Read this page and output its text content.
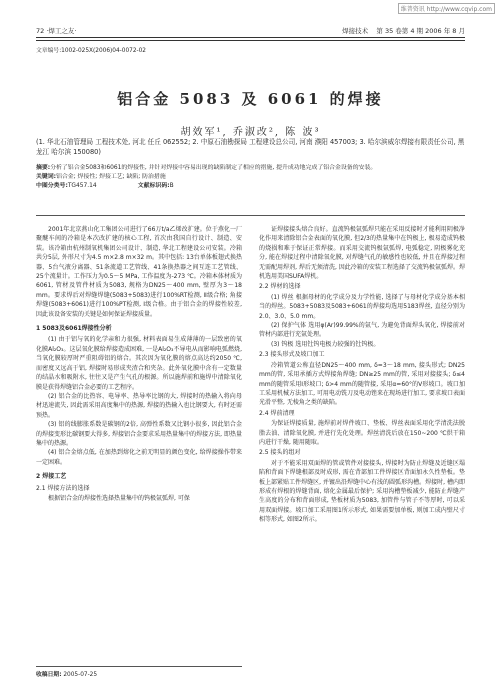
维普资讯 http://www.cqvip.com
72 ·焊工之友·	焊接技术 第 35 卷第 4 期 2006 年 8 月
文章编号:1002-025X(2006)04-0072-02
铝合金 5083 及 6061 的焊接
胡效军¹, 乔淑改², 陈 波³
(1. 华北石油管理局 工程技术处, 河北 任丘 062552; 2. 中原石油勘探局 工程建设总公司, 河南 濮阳 457003; 3. 哈尔滨威尔焊接有限责任公司, 黑龙江 哈尔滨 150080)
摘要:分析了铝合金5083和6061的焊接性, 并针对焊接中容易出现的缺陷制定了相应的措施, 提升成功地完成了铝合金设备的安装。
关键词:铝合金; 焊接性; 焊接工艺; 缺陷; 防治措施
中图分类号:TG457.14	文献标识码:B

2001年北京燕山化工集团公司进行了66万t/a乙烯改扩建。位于燕化一厂聚醚车间的冷箱是本次改扩建的核心工程, 首次由我国自行设计、制造、安装。该冷箱由杭州制氧机集团公司设计、制造, 华北工程建设公司安装。冷箱共分5层, 外形尺寸为4.5 m×2.8 m×32 m。其中包括: 13台单体板翅式换热器、5台气液分离器、51条流道工艺管线、41条换热器之间互连工艺管线、25个流量计。工作压力为0.5～5 MPa, 工作温度为-273 ℃。冷箱本体材质为6061, 管材及管件材质为5083, 规格为DN25～400 mm, 壁厚为3～18 mm。要求焊后对焊缝焊缝(5083+5083)进行100%RT检测, Ⅱ级合格; 角接焊缝(5083+6061)进行100%PT检测, Ⅰ级合格。由于铝合金的焊接性较差, 因此该设备安装的关键是如何保证焊接质量。

1 5083及6061焊接性分析

(1) 由于铝与氧的化学亲和力很强, 材料表面易生成薄薄的一层致密的氧化膜Al₂O₃。这层氧化膜给焊接造成困难, 一是Al₂O₃不导电从而影响电弧燃烧, 当氧化膜较厚时严重阻碍铝的熔合。其次因为氧化膜的熔点高达约2050 ℃, 而密度又远高于铝, 焊接时易形成夹渣合和夹杂。此外氧化膜中含有一定数量的结晶水和吸附水, 往往又是产生气孔的根源。所以施焊前和施焊中清除氧化膜是获得焊缝铝合金必要的工艺程序。

(2) 铝合金的比热容、电导率、热导率比钢的大, 焊接时的热输入将向母材迅速流失, 因此需采用高度集中的热源, 焊接的热输入也比钢要大, 有时还需预热。

(3) 铝的线膨胀系数是碳钢的2倍, 高弹性系数又比钢小很多, 因此铝合金的焊接变形比碳钢要大得多, 焊接铝合金要求采用热量集中的焊接方法, 即热量集中的热源。

(4) 铝合金熔点低, 在加热到熔化之前无明显的颜色变化, 给焊接操作带来一定困难。

2 焊接工艺
2.1 焊接方法的选择

根据铝合金的焊接性选择热量集中的钨极氩弧焊, 可保

证焊接接头熔合良好。直流钨极氩弧焊只能在采用反接时才能利用阴极净化作用来清除铝合金表面的氧化膜, 但2/3的热量集中在钨极上, 极易造成钨极的烧损和难于保证正常焊接。而采用交流钨极氩弧焊, 电弧稳定, 阴极雾化充分, 能在焊接过程中清除氧化膜, 对焊缝气孔的敏感性也较低, 并且在焊接过程无需配用焊剂, 焊后无须清洗, 因此冷箱的安装工程选择了交流钨极氩弧焊。焊机选用美国SUFA焊机。

2.2 焊材的选择

(1) 焊丝 根据母材的化学成分及力学性能, 选择了与母材化学成分基本相当的焊丝。5083+5083及5083+6061的焊接均选用5183焊丝, 直径分别为2.0、3.0、5.0 mm。

(2) 保护气体 选用φ(Ar)99.99%的氩气, 为避免背面焊头氧化, 焊接前对管材内部进行充氩处理。

(3) 钨极 选用钍钨电极力较强的钍钨极。

2.3 接头形式及坡口加工

冷箱管道公称直径DN25～400 mm, δ=3～18 mm, 接头形式; DN25 mm的管, 采用承插方式焊接角焊缝; DN≥25 mm的管, 采用对接接头; δ≤4 mm的随管采用I形坡口; δ>4 mm的随管接, 采用α=60°的V形坡口。坡口加工采用机械方法加工, 可用电动铣刀及电动锉来在现场进行加工, 要求坡口表面光滑平整, 无棱角之类的缺陷。

2.4 焊前清理

为保证焊接质量, 施焊前对焊件坡口、垫板、焊丝表面采用化学清洗法脱脂去油、清除氧化膜, 并进行先化处理。焊丝清洗后放在150~200 ℃烘干箱内进行干燥, 随用随取。

2.5 接头的组对

对于不能采用双面焊的管或管件对接接头, 焊接时为防止焊缝及近缝区塌陷和背面下焊缝根部及时成形, 需在背部加工件焊接区背面加永久性垫板。垫板上部紧贴工件焊缝区, 并镀出沿焊缝中心有浅的圆弧形沟槽。焊接时, 槽内即形成有焊根的焊缝背面, 熔化金属最后保护; 采用沟槽垫板减少, 能防止焊缝产生高度的分布和背面形成, 垫板材质为5083, 加管件与管子不等厚时, 可以采用双面焊接。坡口加工采用图1所示形式, 如果需要加单板, 则加工成内壁尺寸相等形式, 如图2所示。

收稿日期: 2005-07-25
